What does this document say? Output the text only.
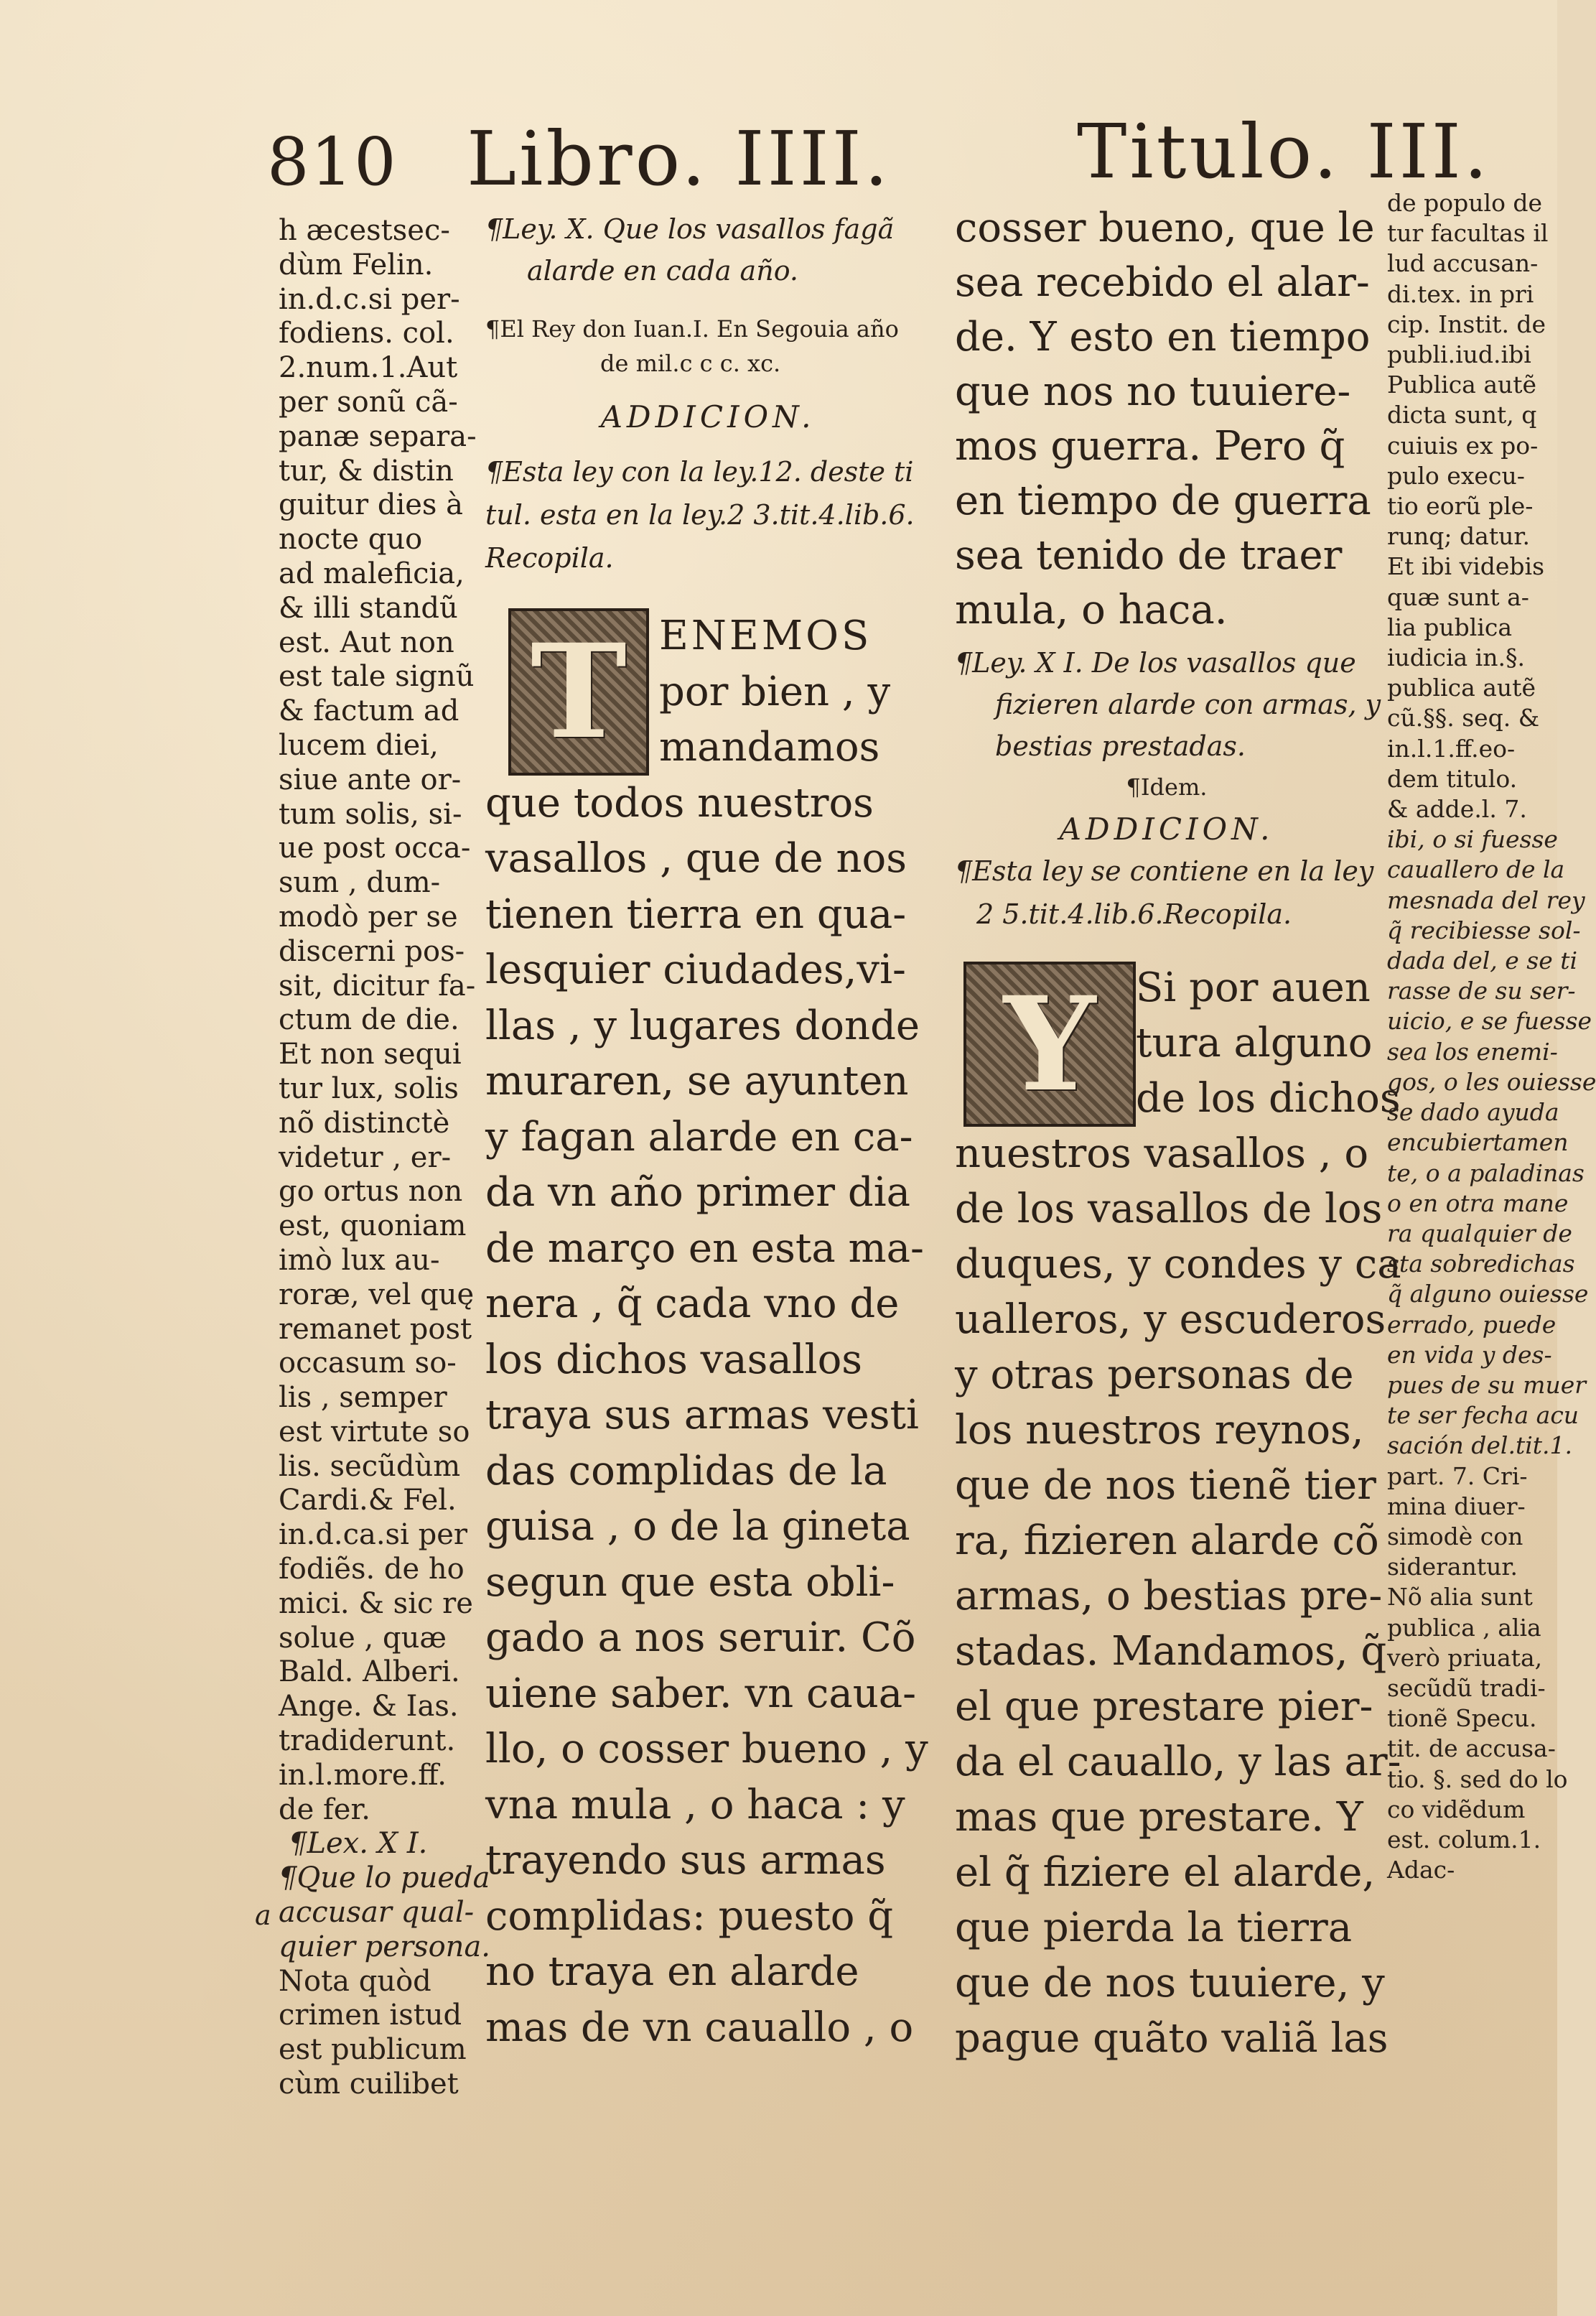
810 Libro. IIII. Titulo. III.
h æcestsec-
dùm Felin.
in.d.c.si per-
fodiens. col.
2.num.1.Aut
per sonũ cã-
panæ separa-
tur, & distin
guitur dies à
nocte quo
ad maleficia,
& illi standũ
est. Aut non
est tale signũ
& factum ad
lucem diei,
siue ante or-
tum solis, si-
ue post occa-
sum , dum-
modò per se
discerni pos-
sit, dicitur fa-
ctum de die.
Et non sequi
tur lux, solis
nõ distinctè
videtur , er-
go ortus non
est, quoniam
imò lux au-
roræ, vel quę
remanet post
occasum so-
lis , semper
est virtute so
lis. secũdùm
Cardi.& Fel.
in.d.ca.si per
fodiẽs. de ho
mici. & sic re
solue , quæ
Bald. Alberi.
Ange. & Ias.
tradiderunt.
in.l.more.ff.
de fer.
¶Lex. X I.
¶Que lo pueda
accusar qual-
quier persona.
Nota quòd
crimen istud
est publicum
cùm cuilibet
a
¶Ley. X. Que los vasallos fagã
alarde en cada año.
¶El Rey don Iuan.I. En Segouia año
de mil.c c c. xc.
ADDICION.
¶Esta ley con la ley.12. deste ti
tul. esta en la ley.2 3.tit.4.lib.6.
Recopila.
T ENEMOS
por bien , y
mandamos
que todos nuestros
vasallos , que de nos
tienen tierra en qua-
lesquier ciudades,vi-
llas , y lugares donde
muraren, se ayunten
y fagan alarde en ca-
da vn año primer dia
de março en esta ma-
nera , q̃ cada vno de
los dichos vasallos
traya sus armas vesti
das complidas de la
guisa , o de la gineta
segun que esta obli-
gado a nos seruir. Cõ
uiene saber. vn caua-
llo, o cosser bueno , y
vna mula , o haca : y
trayendo sus armas
complidas: puesto q̃
no traya en alarde
mas de vn cauallo , o
cosser bueno, que le
sea recebido el alar-
de. Y esto en tiempo
que nos no tuuiere-
mos guerra. Pero q̃
en tiempo de guerra
sea tenido de traer
mula, o haca.
¶Ley. X I. De los vasallos que
fizieren alarde con armas, y
bestias prestadas.
¶Idem.
ADDICION.
¶Esta ley se contiene en la ley
2 5.tit.4.lib.6.Recopila.
Y Si por auen
tura alguno
de los dichos
nuestros vasallos , o
de los vasallos de los
duques, y condes y ca
ualleros, y escuderos
y otras personas de
los nuestros reynos,
que de nos tienẽ tier
ra, fizieren alarde cõ
armas, o bestias pre-
stadas. Mandamos, q̃
el que prestare pier-
da el cauallo, y las ar-
mas que prestare. Y
el q̃ fiziere el alarde,
que pierda la tierra
que de nos tuuiere, y
pague quãto valiã las
de populo de
tur facultas il
lud accusan-
di.tex. in pri
cip. Instit. de
publi.iud.ibi
Publica autẽ
dicta sunt, q
cuiuis ex po-
pulo execu-
tio eorũ ple-
runq; datur.
Et ibi videbis
quæ sunt a-
lia publica
iudicia in.§.
publica autẽ
cũ.§§. seq. &
in.l.1.ff.eo-
dem titulo.
& adde.l. 7.
ibi, o si fuesse
cauallero de la
mesnada del rey
q̃ recibiesse sol-
dada del, e se ti
rasse de su ser-
uicio, e se fuesse
sea los enemi-
gos, o les ouiesse
se dado ayuda
encubiertamen
te, o a paladinas
o en otra mane
ra qualquier de
sta sobredichas
q̃ alguno ouiesse
errado, puede
en vida y des-
pues de su muer
te ser fecha acu
sación del.tit.1.
part. 7. Cri-
mina diuer-
simodè con
siderantur.
Nõ alia sunt
publica , alia
verò priuata,
secũdũ tradi-
tionẽ Specu.
tit. de accusa-
tio. §. sed do lo
co vidẽdum
est. colum.1.
Adac-
